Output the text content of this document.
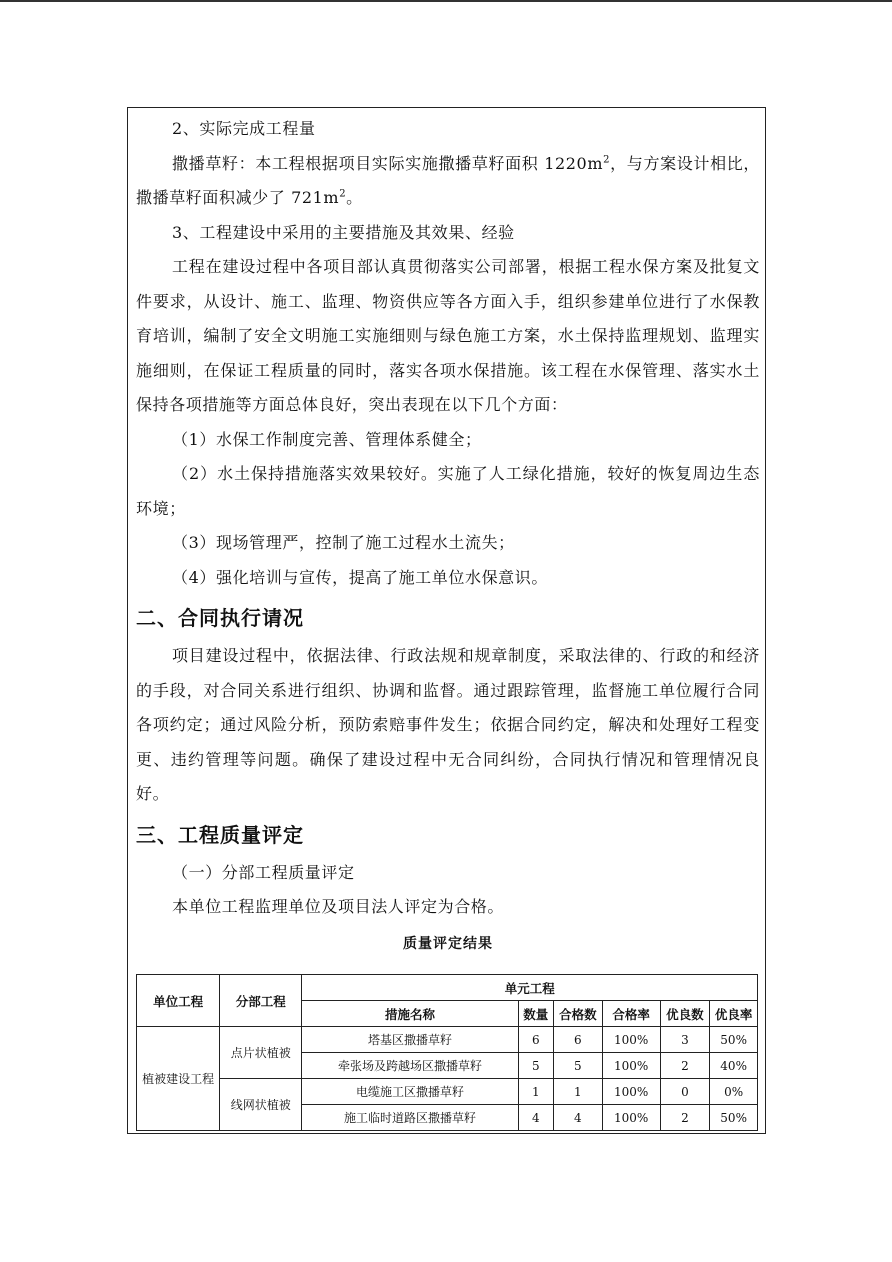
2、实际完成工程量

撒播草籽：本工程根据项目实际实施撒播草籽面积 $1220m^2$，与方案设计相比，撒播草籽面积减少了 $721m^2$。

3、工程建设中采用的主要措施及其效果、经验

工程在建设过程中各项目部认真贯彻落实公司部署，根据工程水保方案及批复文件要求，从设计、施工、监理、物资供应等各方面入手，组织参建单位进行了水保教育培训，编制了安全文明施工实施细则与绿色施工方案，水土保持监理规划、监理实施细则，在保证工程质量的同时，落实各项水保措施。该工程在水保管理、落实水土保持各项措施等方面总体良好，突出表现在以下几个方面：

（1）水保工作制度完善、管理体系健全；

（2）水土保持措施落实效果较好。实施了人工绿化措施，较好的恢复周边生态环境；

（3）现场管理严，控制了施工过程水土流失；

（4）强化培训与宣传，提高了施工单位水保意识。

二、合同执行请况

项目建设过程中，依据法律、行政法规和规章制度，采取法律的、行政的和经济的手段，对合同关系进行组织、协调和监督。通过跟踪管理，监督施工单位履行合同各项约定；通过风险分析，预防索赔事件发生；依据合同约定，解决和处理好工程变更、违约管理等问题。确保了建设过程中无合同纠纷，合同执行情况和管理情况良好。

三、工程质量评定

（一）分部工程质量评定

本单位工程监理单位及项目法人评定为合格。

质量评定结果
单位工程	分部工程	单元工程					
		措施名称	数量	合格数	合格率	优良数	优良率
植被建设工程	点片状植被	塔基区撒播草籽	6	6	100%	3	50%
		牵张场及跨越场区撒播草籽	5	5	100%	2	40%
	线网状植被	电缆施工区撒播草籽	1	1	100%	0	0%
		施工临时道路区撒播草籽	4	4	100%	2	50%
